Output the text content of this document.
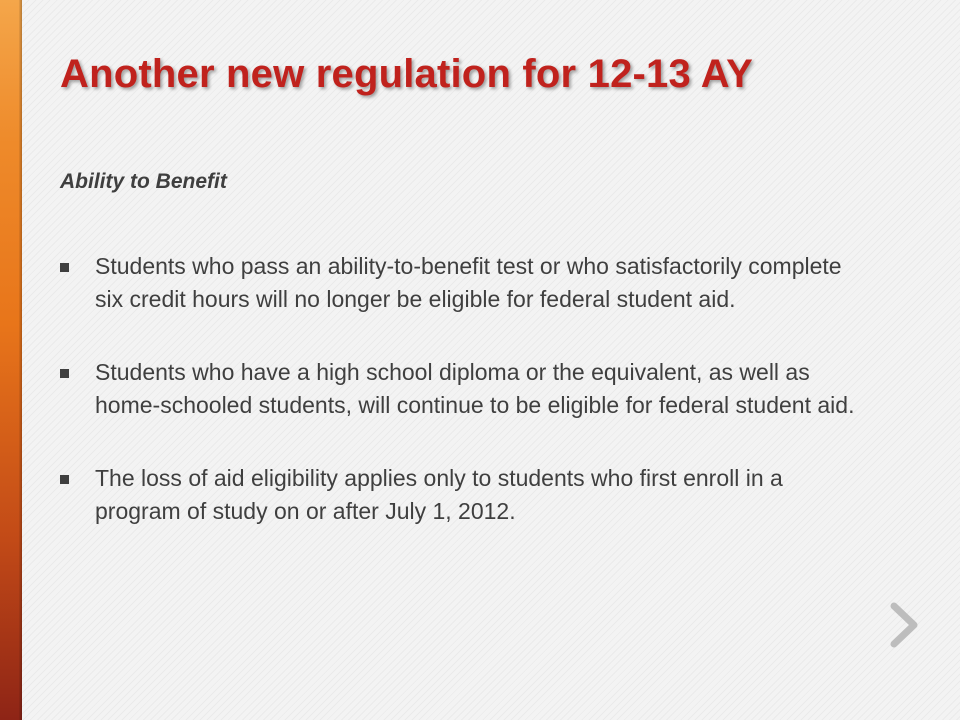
Another new regulation for 12-13 AY
Ability to Benefit
Students who pass an ability-to-benefit test or who satisfactorily complete six credit hours will no longer be eligible for federal student aid.
Students who have a high school diploma or the equivalent, as well as home-schooled students, will continue to be eligible for federal student aid.
The loss of aid eligibility applies only to students who first enroll in a program of study on or after July 1, 2012.
